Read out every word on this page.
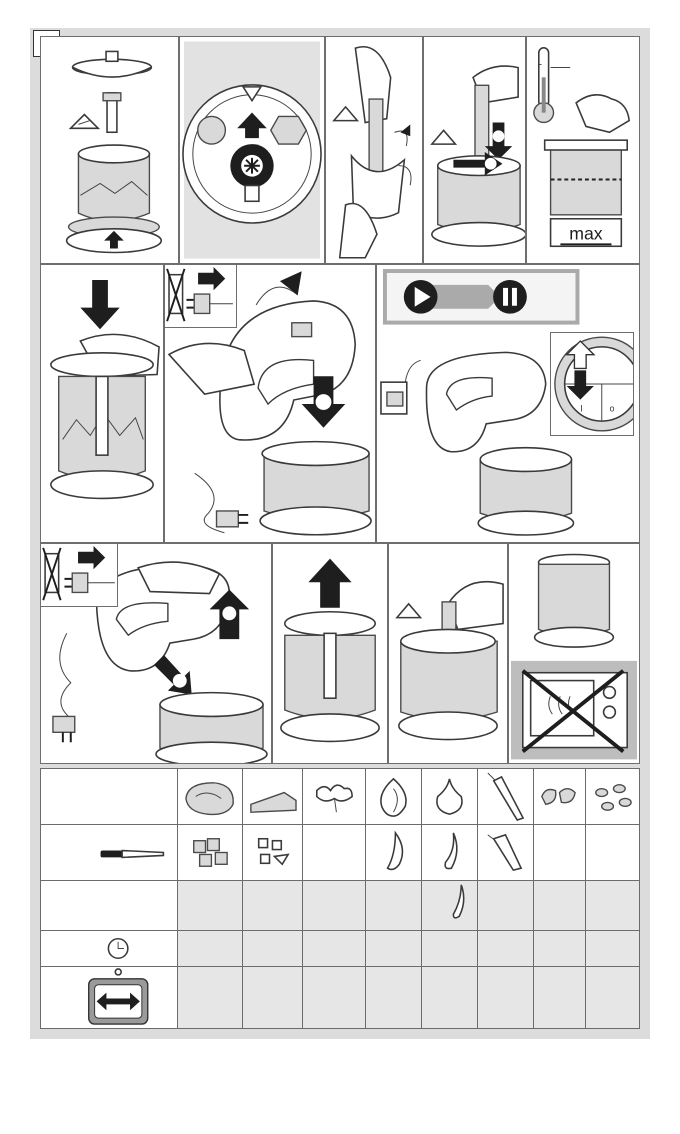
-
max
I	o
